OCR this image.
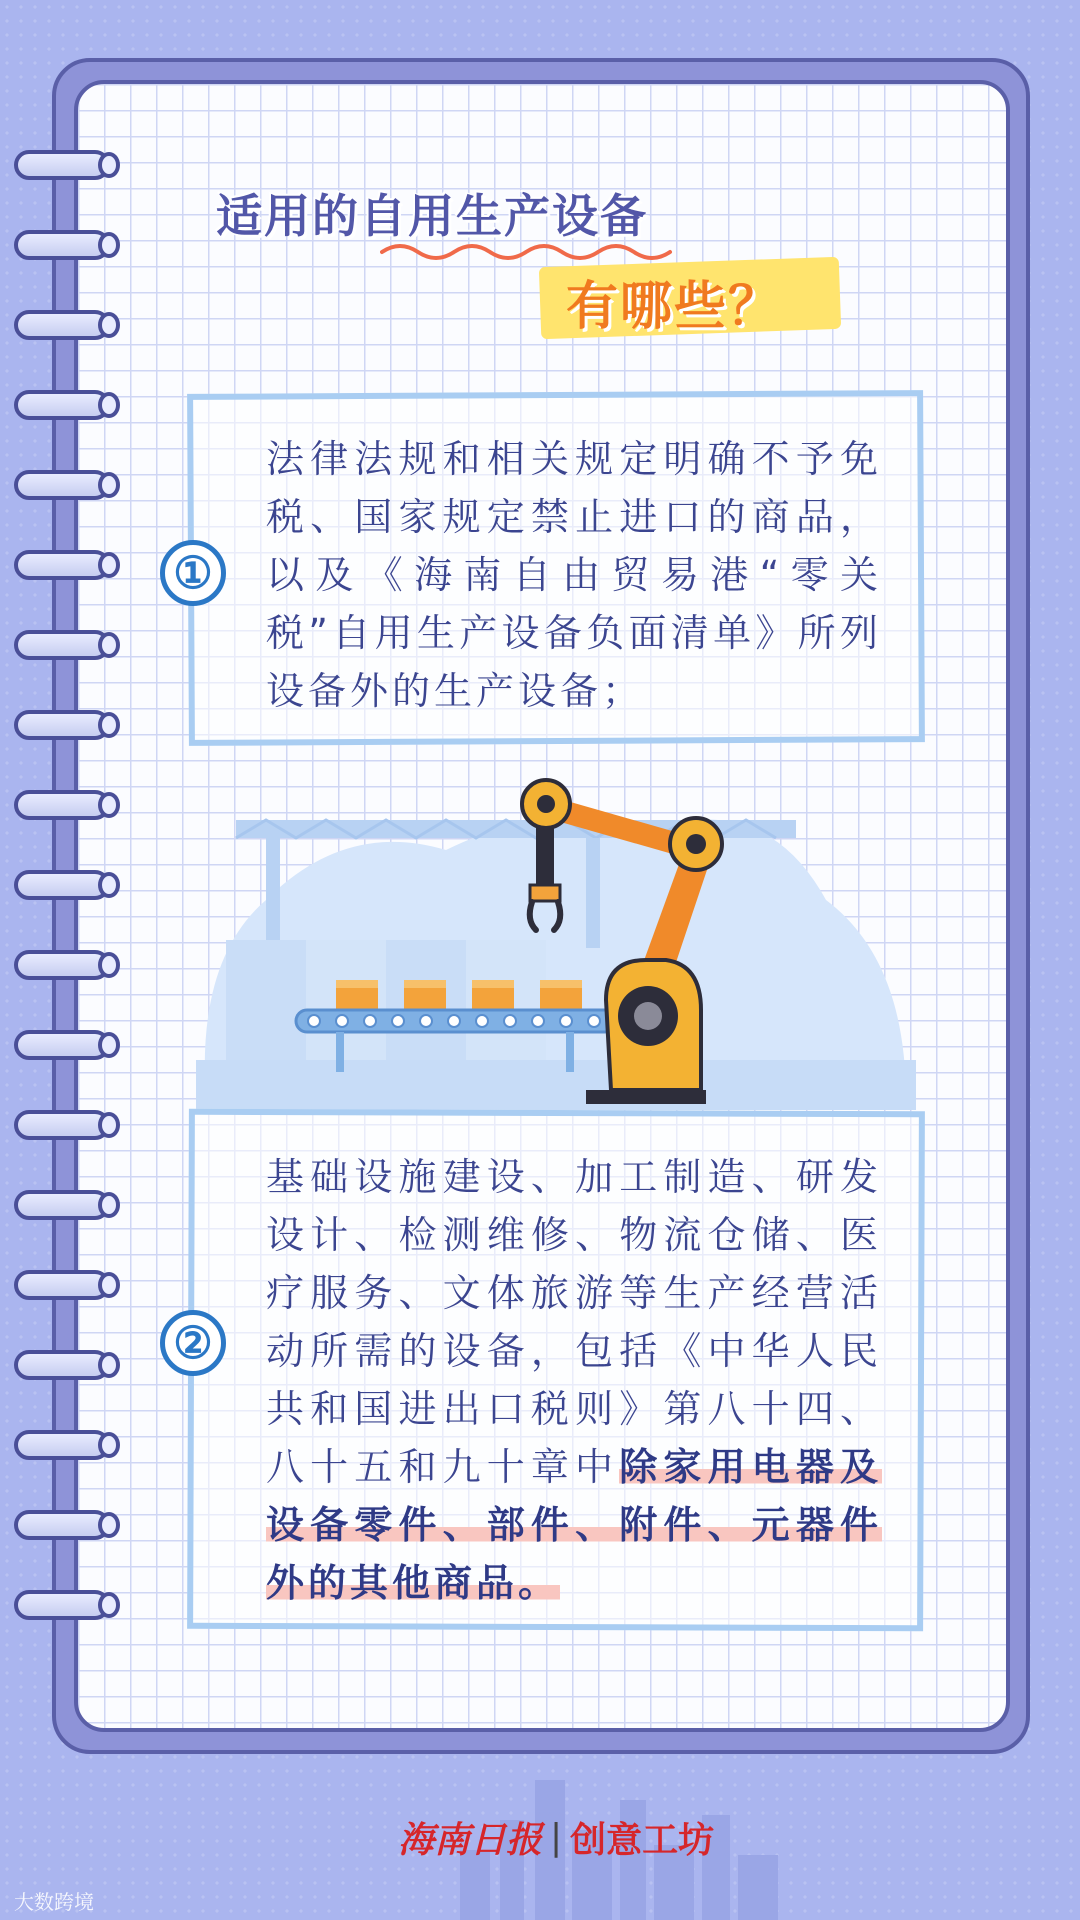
适用的自用生产设备
有哪些？
①
法律法规和相关规定明确不予免税、国家规定禁止进口的商品，以及《海南自由贸易港“零关税”自用生产设备负面清单》所列设备外的生产设备；
②
基础设施建设、加工制造、研发设计、检测维修、物流仓储、医疗服务、文体旅游等生产经营活动所需的设备，包括《中华人民共和国进出口税则》第八十四、八十五和九十章中除家用电器及设备零件、部件、附件、元器件外的其他商品。
海南日报 | 创意工坊
大数跨境
